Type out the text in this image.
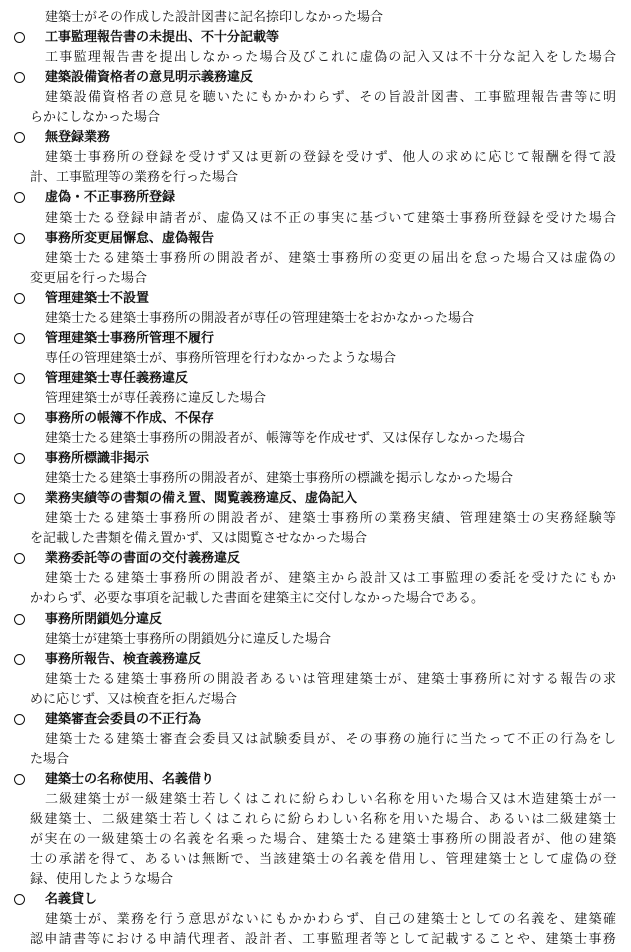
建築士がその作成した設計図書に記名捺印しなかった場合
工事監理報告書の未提出、不十分記載等
工事監理報告書を提出しなかった場合及びこれに虚偽の記入又は不十分な記入をした場合
建築設備資格者の意見明示義務違反
建築設備資格者の意見を聴いたにもかかわらず、その旨設計図書、工事監理報告書等に明
らかにしなかった場合
無登録業務
建築士事務所の登録を受けず又は更新の登録を受けず、他人の求めに応じて報酬を得て設
計、工事監理等の業務を行った場合
虚偽・不正事務所登録
建築士たる登録申請者が、虚偽又は不正の事実に基づいて建築士事務所登録を受けた場合
事務所変更届懈怠、虚偽報告
建築士たる建築士事務所の開設者が、建築士事務所の変更の届出を怠った場合又は虚偽の
変更届を行った場合
管理建築士不設置
建築士たる建築士事務所の開設者が専任の管理建築士をおかなかった場合
管理建築士事務所管理不履行
専任の管理建築士が、事務所管理を行わなかったような場合
管理建築士専任義務違反
管理建築士が専任義務に違反した場合
事務所の帳簿不作成、不保存
建築士たる建築士事務所の開設者が、帳簿等を作成せず、又は保存しなかった場合
事務所標識非掲示
建築士たる建築士事務所の開設者が、建築士事務所の標識を掲示しなかった場合
業務実績等の書類の備え置、閲覧義務違反、虚偽記入
建築士たる建築士事務所の開設者が、建築士事務所の業務実績、管理建築士の実務経験等
を記載した書類を備え置かず、又は閲覧させなかった場合
業務委託等の書面の交付義務違反
建築士たる建築士事務所の開設者が、建築主から設計又は工事監理の委託を受けたにもか
かわらず、必要な事項を記載した書面を建築主に交付しなかった場合である。
事務所閉鎖処分違反
建築士が建築士事務所の閉鎖処分に違反した場合
事務所報告、検査義務違反
建築士たる建築士事務所の開設者あるいは管理建築士が、建築士事務所に対する報告の求
めに応じず、又は検査を拒んだ場合
建築審査会委員の不正行為
建築士たる建築士審査会委員又は試験委員が、その事務の施行に当たって不正の行為をし
た場合
建築士の名称使用、名義借り
二級建築士が一級建築士若しくはこれに紛らわしい名称を用いた場合又は木造建築士が一
級建築士、二級建築士若しくはこれらに紛らわしい名称を用いた場合、あるいは二級建築士
が実在の一級建築士の名義を名乗った場合、建築士たる建築士事務所の開設者が、他の建築
士の承諾を得て、あるいは無断で、当該建築士の名義を借用し、管理建築士として虚偽の登
録、使用したような場合
名義貸し
建築士が、業務を行う意思がないにもかかわらず、自己の建築士としての名義を、建築確
認申請書等における申請代理者、設計者、工事監理者等として記載することや、建築士事務
